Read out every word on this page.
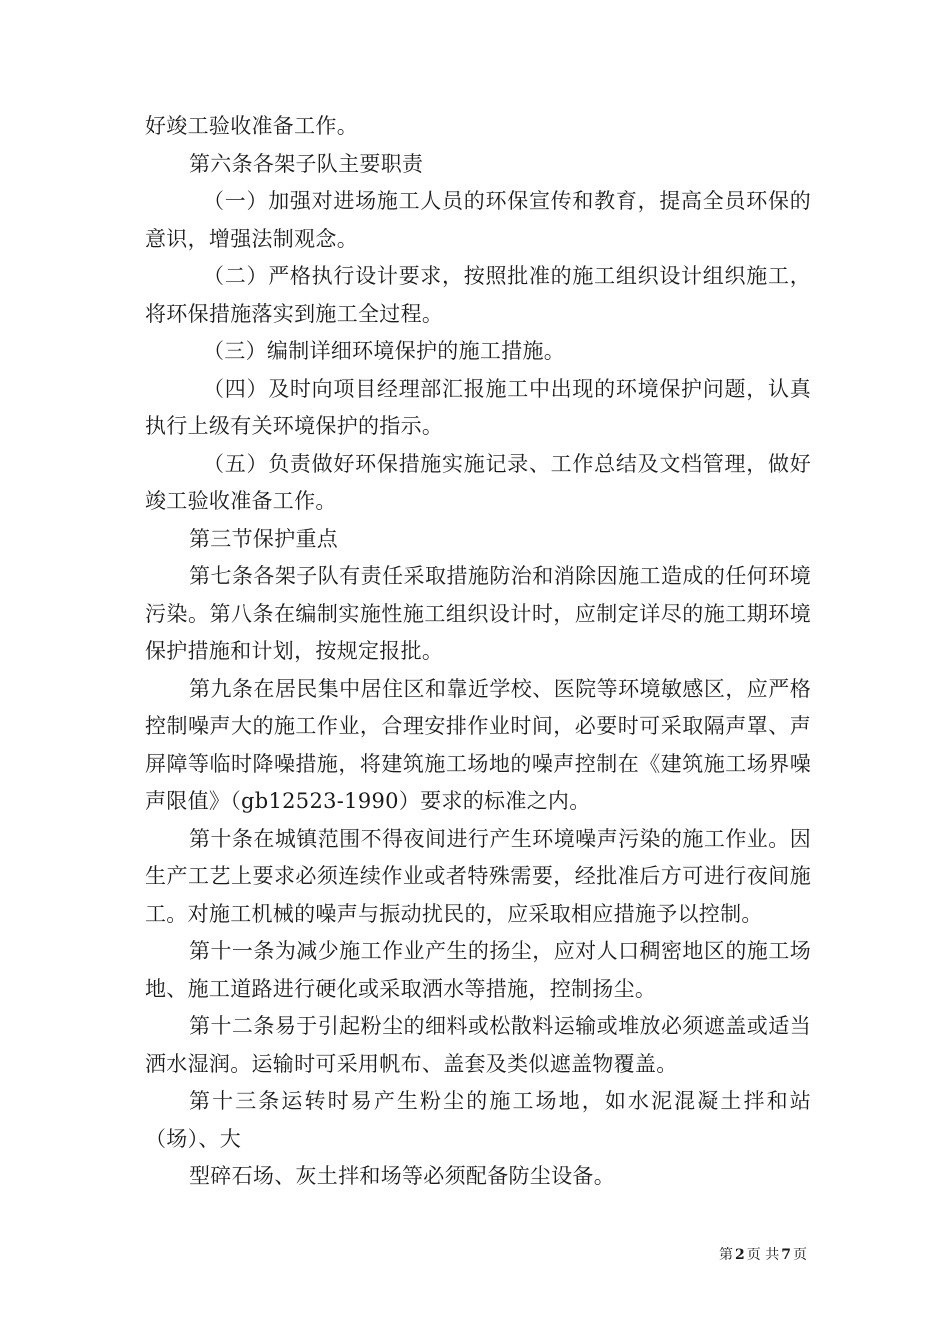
好竣工验收准备工作。

第六条各架子队主要职责

（一）加强对进场施工人员的环保宣传和教育，提高全员环保的意识，增强法制观念。

（二）严格执行设计要求，按照批准的施工组织设计组织施工，将环保措施落实到施工全过程。

（三）编制详细环境保护的施工措施。

（四）及时向项目经理部汇报施工中出现的环境保护问题，认真执行上级有关环境保护的指示。

（五）负责做好环保措施实施记录、工作总结及文档管理，做好竣工验收准备工作。

第三节保护重点

第七条各架子队有责任采取措施防治和消除因施工造成的任何环境污染。第八条在编制实施性施工组织设计时，应制定详尽的施工期环境保护措施和计划，按规定报批。

第九条在居民集中居住区和靠近学校、医院等环境敏感区，应严格控制噪声大的施工作业，合理安排作业时间，必要时可采取隔声罩、声屏障等临时降噪措施，将建筑施工场地的噪声控制在《建筑施工场界噪声限值》（gb12523-1990）要求的标准之内。

第十条在城镇范围不得夜间进行产生环境噪声污染的施工作业。因生产工艺上要求必须连续作业或者特殊需要，经批准后方可进行夜间施工。对施工机械的噪声与振动扰民的，应采取相应措施予以控制。

第十一条为减少施工作业产生的扬尘，应对人口稠密地区的施工场地、施工道路进行硬化或采取洒水等措施，控制扬尘。

第十二条易于引起粉尘的细料或松散料运输或堆放必须遮盖或适当洒水湿润。运输时可采用帆布、盖套及类似遮盖物覆盖。

第十三条运转时易产生粉尘的施工场地，如水泥混凝土拌和站（场）、大

型碎石场、灰土拌和场等必须配备防尘设备。

第 2 页 共 7 页
